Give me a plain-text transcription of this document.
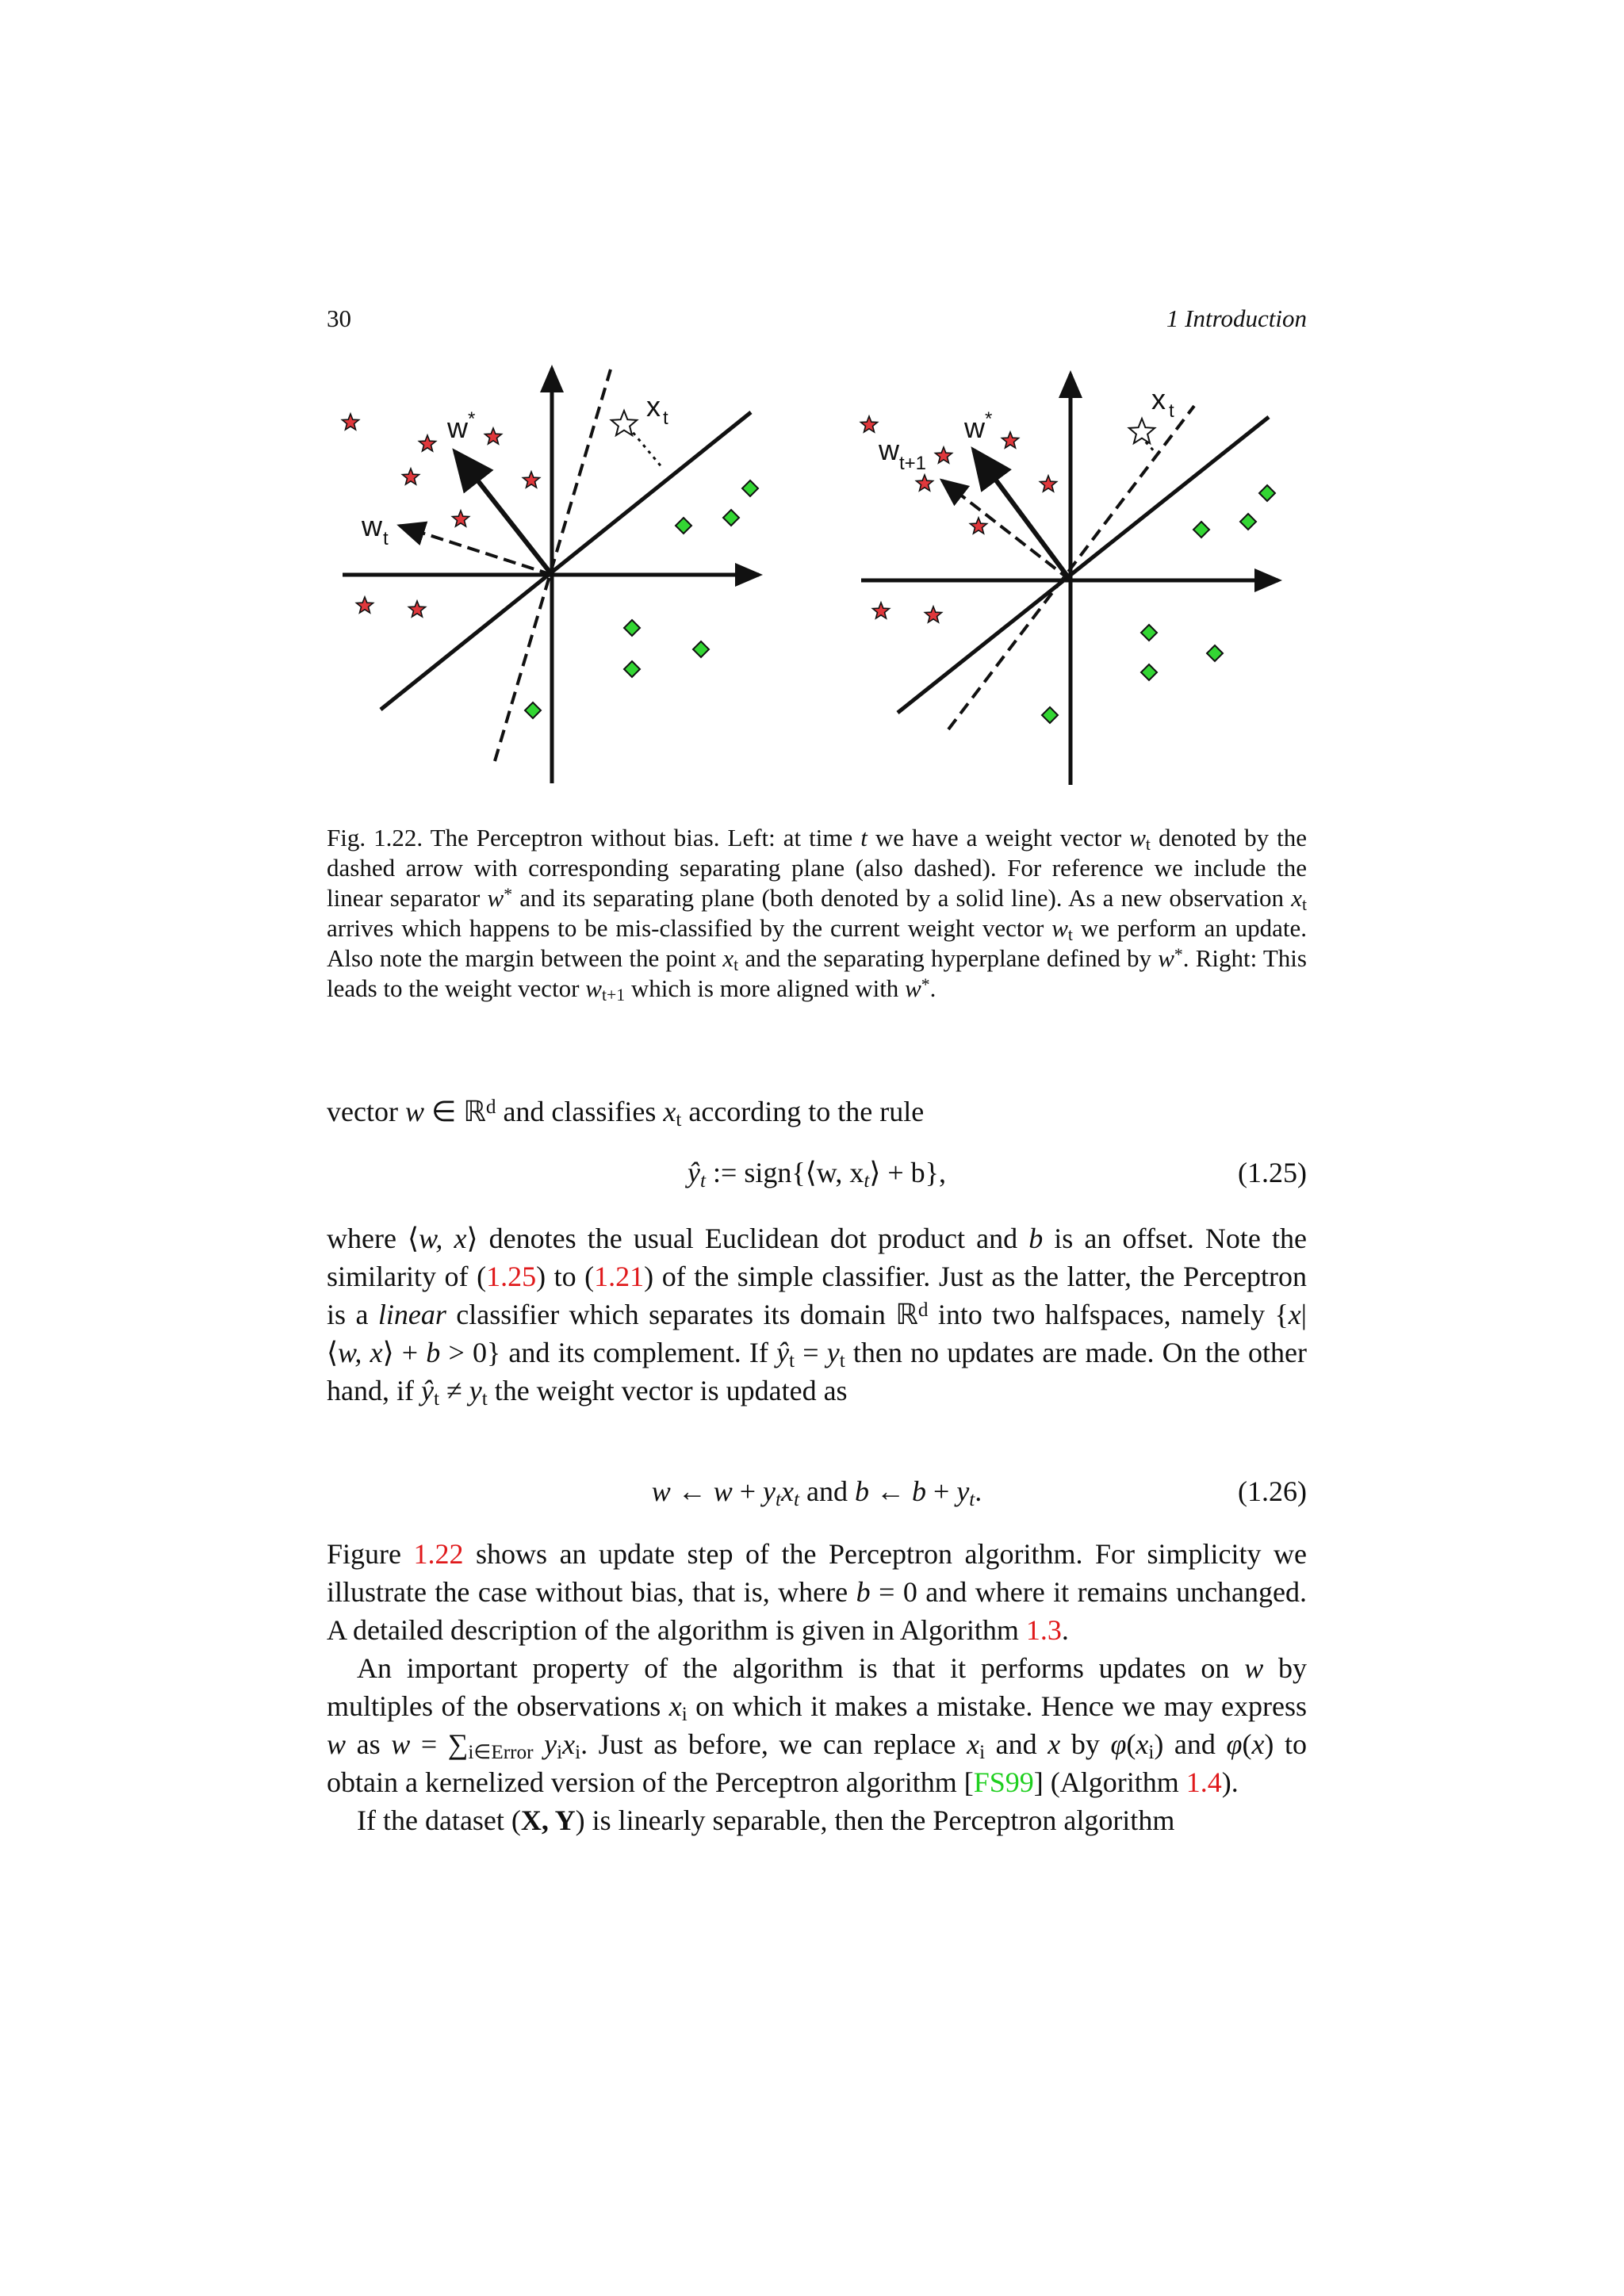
30	1 Introduction
w *
w t
x t	w *
w t+1
x t
Fig. 1.22. The Perceptron without bias. Left: at time t we have a weight vector wt denoted by the dashed arrow with corresponding separating plane (also dashed). For reference we include the linear separator w* and its separating plane (both denoted by a solid line). As a new observation xt arrives which happens to be mis-classified by the current weight vector wt we perform an update. Also note the margin between the point xt and the separating hyperplane defined by w*. Right: This leads to the weight vector wt+1 which is more aligned with w*.
vector w ∈ ℝ$^d$ and classifies xt according to the rule
ŷt := sign{⟨w, xt⟩ + b},	(1.25)

where ⟨w, x⟩ denotes the usual Euclidean dot product and b is an offset. Note the similarity of (1.25) to (1.21) of the simple classifier. Just as the latter, the Perceptron is a linear classifier which separates its domain ℝ$^d$ into two halfspaces, namely {x| ⟨w, x⟩ + b > 0} and its complement. If ŷt = yt then no updates are made. On the other hand, if ŷt ≠ yt the weight vector is updated as

w ← w + ytxt and b ← b + yt.	(1.26)

Figure 1.22 shows an update step of the Perceptron algorithm. For simplicity we illustrate the case without bias, that is, where b = 0 and where it remains unchanged. A detailed description of the algorithm is given in Algorithm 1.3.

An important property of the algorithm is that it performs updates on w by multiples of the observations xi on which it makes a mistake. Hence we may express w as w = ∑i∈Error yixi. Just as before, we can replace xi and x by φ(xi) and φ(x) to obtain a kernelized version of the Perceptron algorithm [FS99] (Algorithm 1.4).

If the dataset (X, Y) is linearly separable, then the Perceptron algorithm
